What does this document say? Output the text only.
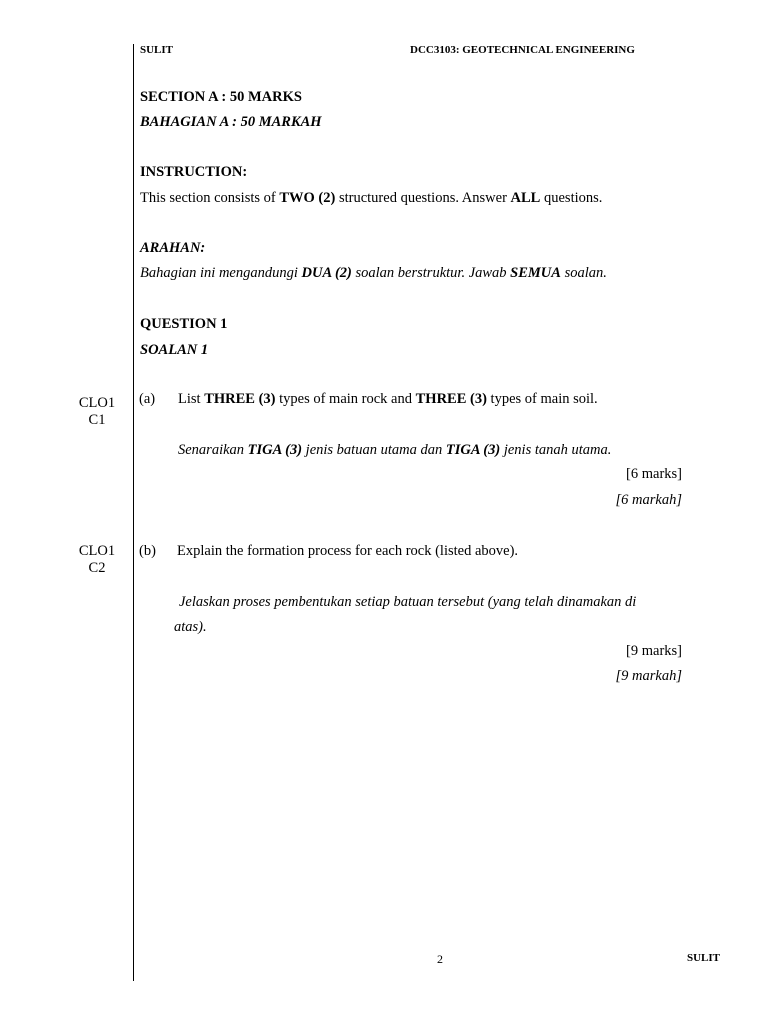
SULIT	DCC3103: GEOTECHNICAL ENGINEERING
SECTION A : 50 MARKS
BAHAGIAN A : 50 MARKAH
INSTRUCTION:
This section consists of TWO (2) structured questions. Answer ALL questions.
ARAHAN:
Bahagian ini mengandungi DUA (2) soalan berstruktur. Jawab SEMUA soalan.
QUESTION 1
SOALAN 1
CLO1
C1
(a) List THREE (3) types of main rock and THREE (3) types of main soil.
Senaraikan TIGA (3) jenis batuan utama dan TIGA (3) jenis tanah utama.
[6 marks]
[6 markah]
CLO1
C2
(b) Explain the formation process for each rock (listed above).
Jelaskan proses pembentukan setiap batuan tersebut (yang telah dinamakan di
atas).
[9 marks]
[9 markah]
2	SULIT
